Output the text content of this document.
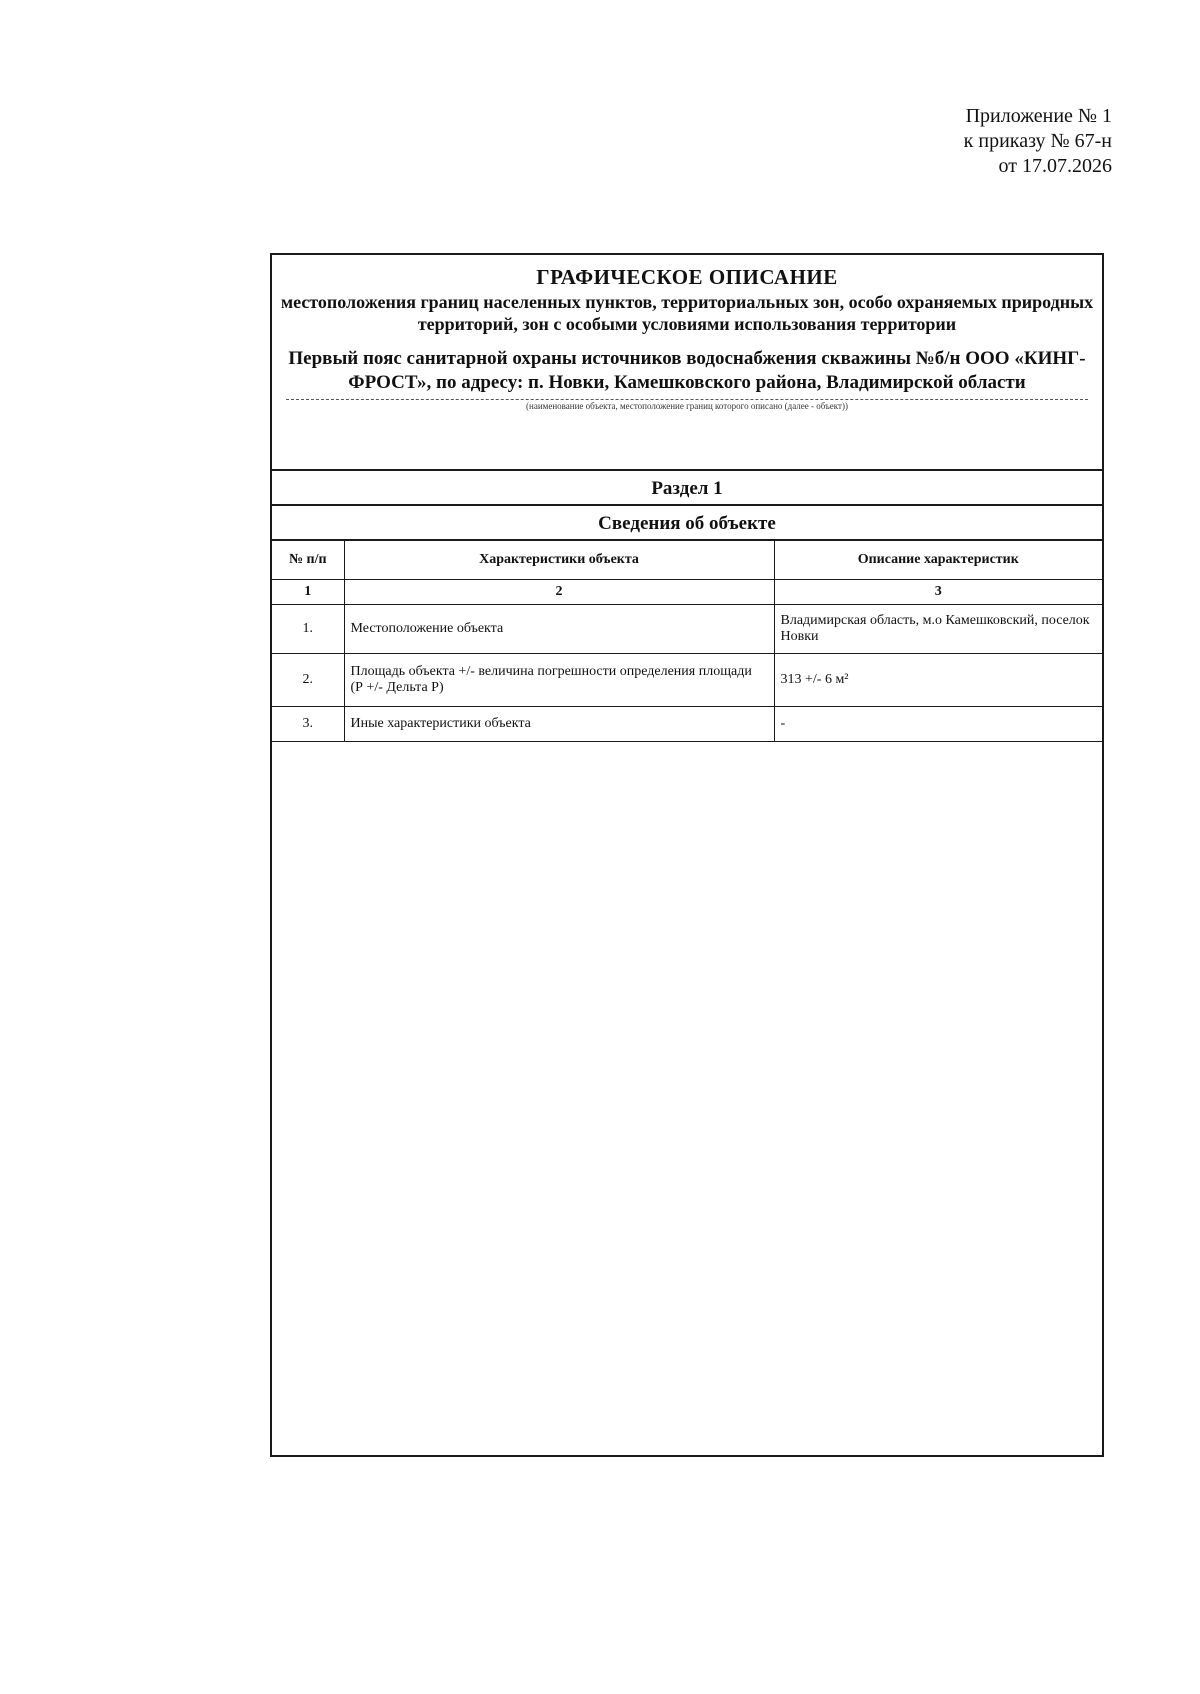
Приложение № 1
к приказу № 67-н
от 17.07.2026
ГРАФИЧЕСКОЕ ОПИСАНИЕ
местоположения границ населенных пунктов, территориальных зон, особо охраняемых природных территорий, зон с особыми условиями использования территории
Первый пояс санитарной охраны источников водоснабжения скважины №б/н ООО «КИНГ-ФРОСТ», по адресу: п. Новки, Камешковского района, Владимирской области
(наименование объекта, местоположение границ которого описано (далее - объект))
Раздел 1
Сведения об объекте
№ п/п	Характеристики объекта	Описание характеристик
1	2	3
1.	Местоположение объекта	Владимирская область, м.о Камешковский, поселок Новки
2.	Площадь объекта +/- величина погрешности определения площади (Р +/- Дельта Р)	313 +/- 6 м²
3.	Иные характеристики объекта	-
